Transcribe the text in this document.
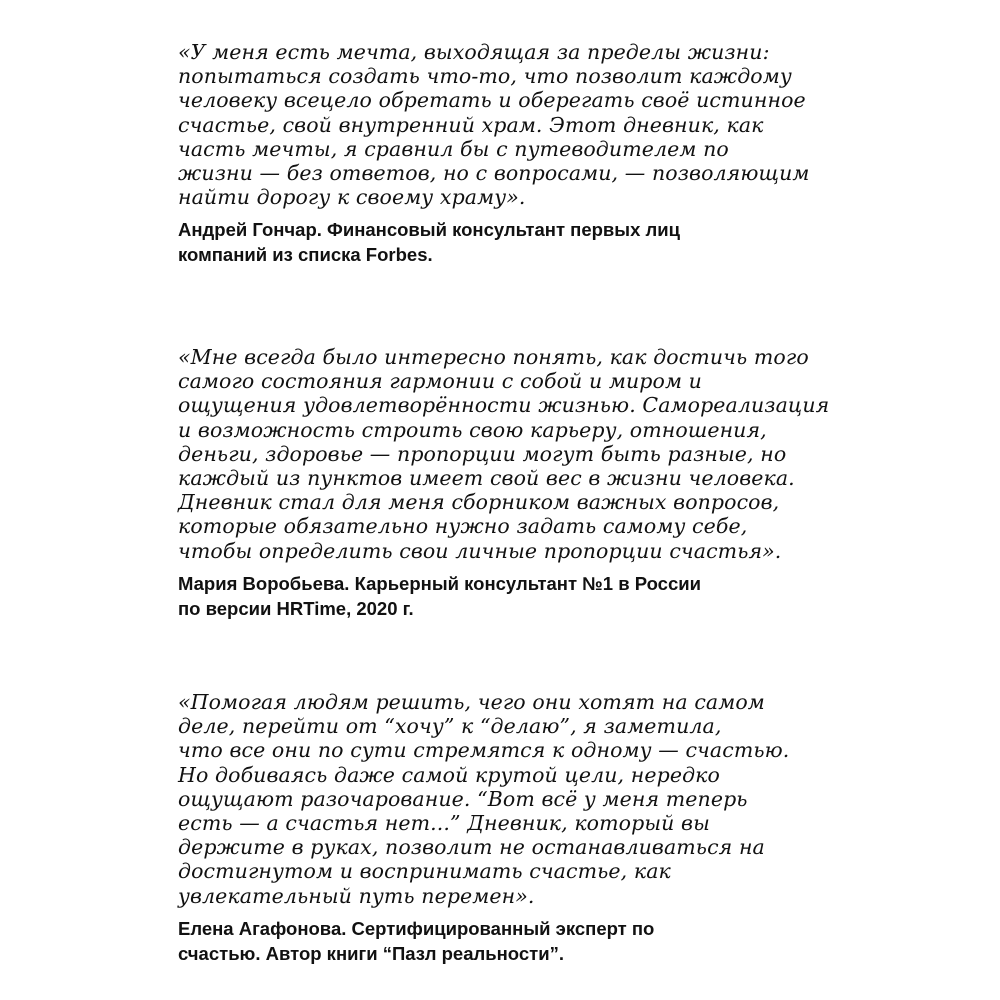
«У меня есть мечта, выходящая за пределы жизни:
попытаться создать что-то, что позволит каждому
человеку всецело обретать и оберегать своё истинное
счастье, свой внутренний храм. Этот дневник, как
часть мечты, я сравнил бы с путеводителем по
жизни — без ответов, но с вопросами, — позволяющим
найти дорогу к своему храму».
Андрей Гончар. Финансовый консультант первых лиц
компаний из списка Forbes.
«Мне всегда было интересно понять, как достичь того
самого состояния гармонии с собой и миром и
ощущения удовлетворённости жизнью. Самореализация
и возможность строить свою карьеру, отношения,
деньги, здоровье — пропорции могут быть разные, но
каждый из пунктов имеет свой вес в жизни человека.
Дневник стал для меня сборником важных вопросов,
которые обязательно нужно задать самому себе,
чтобы определить свои личные пропорции счастья».
Мария Воробьева. Карьерный консультант №1 в России
по версии HRTime, 2020 г.
«Помогая людям решить, чего они хотят на самом
деле, перейти от “хочу” к “делаю”, я заметила,
что все они по сути стремятся к одному — счастью.
Но добиваясь даже самой крутой цели, нередко
ощущают разочарование. “Вот всё у меня теперь
есть — а счастья нет...” Дневник, который вы
держите в руках, позволит не останавливаться на
достигнутом и воспринимать счастье, как
увлекательный путь перемен».
Елена Агафонова. Сертифицированный эксперт по
счастью. Автор книги “Пазл реальности”.
